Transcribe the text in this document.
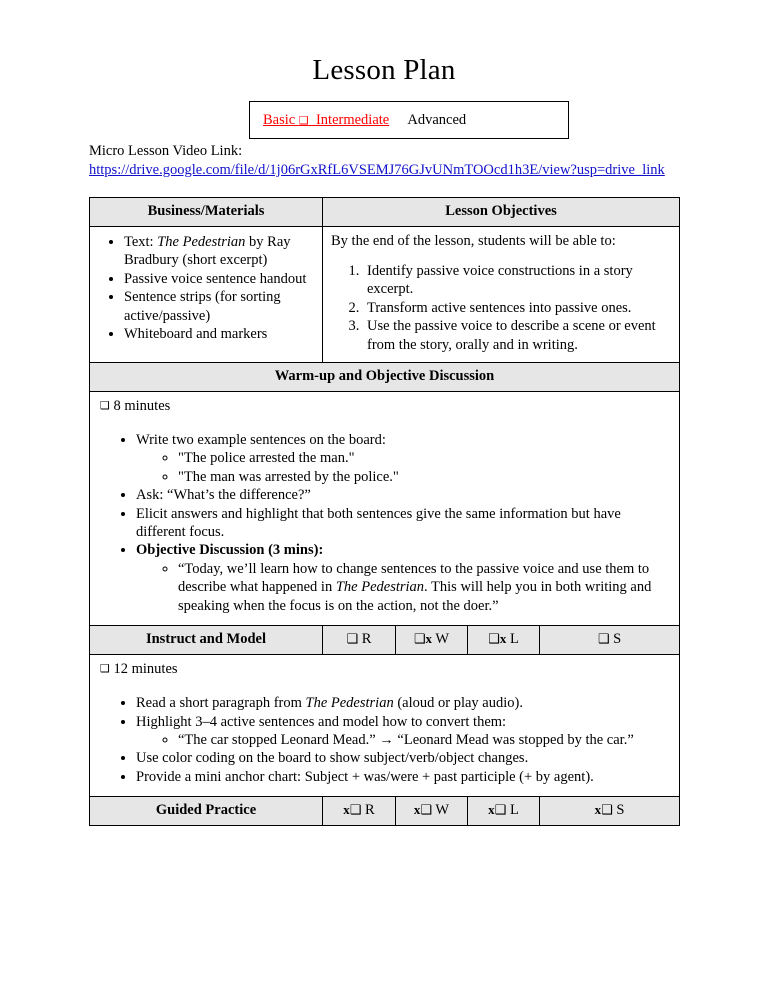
Lesson Plan
Basic
❑
Intermediate

Advanced
Micro Lesson Video Link:
https://drive.google.com/file/d/1j06rGxRfL6VSEMJ76GJvUNmTOOcd1h3E/view?usp=drive_link
Business/Materials	Lesson Objectives			

• Text: The Pedestrian by Ray Bradbury (short excerpt)
• Passive voice sentence handout
• Sentence strips (for sorting active/passive)
• Whiteboard and markers

By the end of the lesson, students will be able to:

1. Identify passive voice constructions in a story excerpt.
2. Transform active sentences into passive ones.
3. Use the passive voice to describe a scene or event from the story, orally and in writing.

Warm-up and Objective Discussion				

❑ 8 minutes

• Write two example sentences on the board:
◦ "The police arrested the man."
◦ "The man was arrested by the police."
• Ask: “What’s the difference?”
• Elicit answers and highlight that both sentences give the same information but have different focus.
• Objective Discussion (3 mins):
◦ “Today, we’ll learn how to change sentences to the passive voice and use them to describe what happened in The Pedestrian. This will help you in both writing and speaking when the focus is on the action, not the doer.”

Instruct and Model	❑ R	❑x W	❑x L	❑ S

❑ 12 minutes

• Read a short paragraph from The Pedestrian (aloud or play audio).
• Highlight 3–4 active sentences and model how to convert them:
◦ “The car stopped Leonard Mead.” → “Leonard Mead was stopped by the car.”
• Use color coding on the board to show subject/verb/object changes.
• Provide a mini anchor chart: Subject + was/were + past participle (+ by agent).

Guided Practice	x❑ R	x❑ W	x❑ L	x❑ S
